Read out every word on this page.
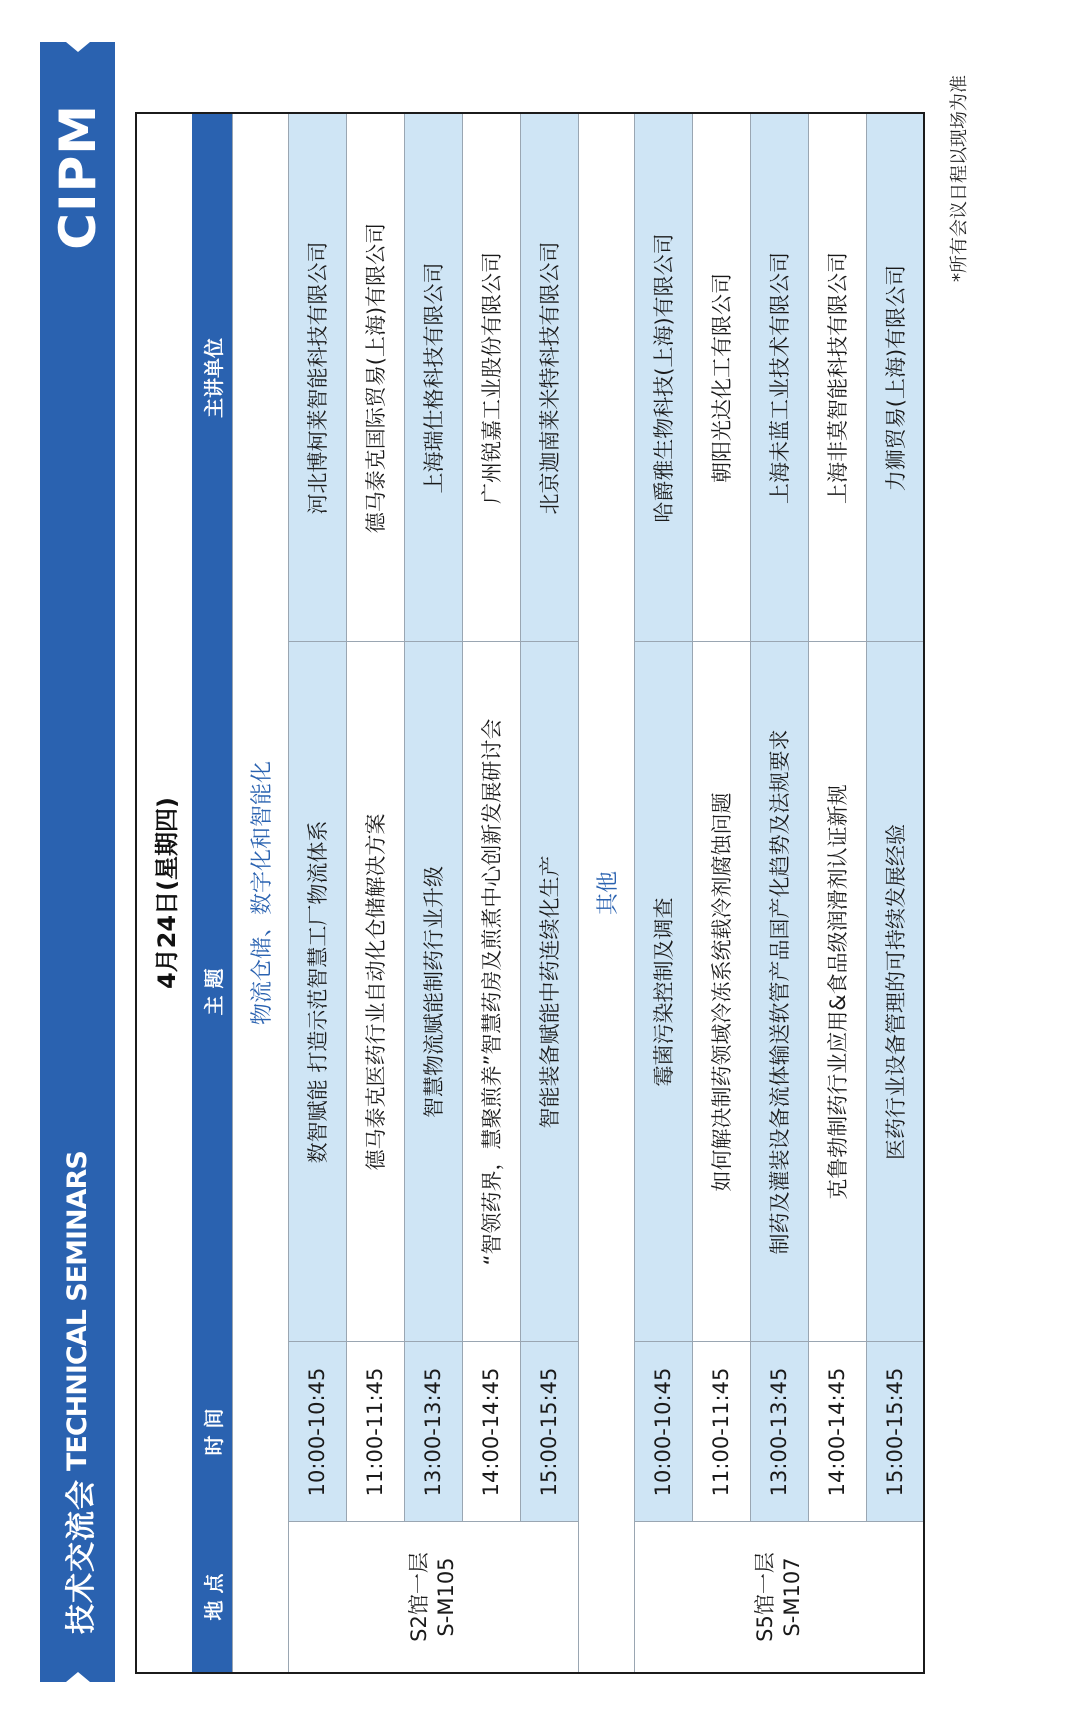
技术交流会
TECHNICAL SEMINARS
CIPM
4月24日(星期四)
地 点
时 间
主 题
主讲单位
物流仓储、数字化和智能化
S2馆一层 S-M105
10:00-10:45
数智赋能 打造示范智慧工厂物流体系
河北博柯莱智能科技有限公司
11:00-11:45
德马泰克医药行业自动化仓储解决方案
德马泰克国际贸易(上海)有限公司
13:00-13:45
智慧物流赋能制药行业升级
上海瑞仕格科技有限公司
14:00-14:45
“智领药界，慧聚煎养”智慧药房及煎煮中心创新发展研讨会
广州锐嘉工业股份有限公司
15:00-15:45
智能装备赋能中药连续化生产
北京迦南莱米特科技有限公司
其他
S5馆一层 S-M107
10:00-10:45
霉菌污染控制及调查
哈爵雅生物科技(上海)有限公司
11:00-11:45
如何解决制药领域冷冻系统载冷剂腐蚀问题
朝阳光达化工有限公司
13:00-13:45
制药及灌装设备流体输送软管产品国产化趋势及法规要求
上海未蓝工业技术有限公司
14:00-14:45
克鲁勃制药行业应用&食品级润滑剂认证新规
上海非莫智能科技有限公司
15:00-15:45
医药行业设备管理的可持续发展经验
力狮贸易(上海)有限公司
*所有会议日程以现场为准
